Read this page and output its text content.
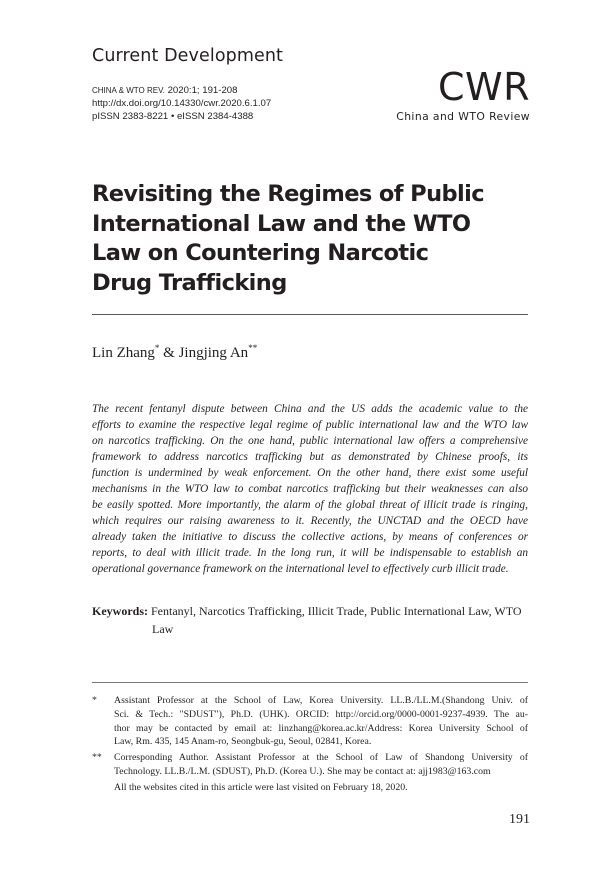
Current Development
CHINA & WTO REV. 2020:1; 191-208
http://dx.doi.org/10.14330/cwr.2020.6.1.07
pISSN 2383-8221 • eISSN 2384-4388
CWR
China and WTO Review
Revisiting the Regimes of Public
International Law and the WTO
Law on Countering Narcotic
Drug Trafficking
Lin Zhang* & Jingjing An**
The recent fentanyl dispute between China and the US adds the academic value to the
efforts to examine the respective legal regime of public international law and the WTO law
on narcotics trafficking. On the one hand, public international law offers a comprehensive
framework to address narcotics trafficking but as demonstrated by Chinese proofs, its
function is undermined by weak enforcement. On the other hand, there exist some useful
mechanisms in the WTO law to combat narcotics trafficking but their weaknesses can also
be easily spotted. More importantly, the alarm of the global threat of illicit trade is ringing,
which requires our raising awareness to it. Recently, the UNCTAD and the OECD have
already taken the initiative to discuss the collective actions, by means of conferences or
reports, to deal with illicit trade. In the long run, it will be indispensable to establish an
operational governance framework on the international level to effectively curb illicit trade.
Keywords: Fentanyl, Narcotics Trafficking, Illicit Trade, Public International Law, WTO
Law
* Assistant Professor at the School of Law, Korea University. LL.B./LL.M.(Shandong Univ. of
Sci. & Tech.: "SDUST"), Ph.D. (UHK). ORCID: http://orcid.org/0000-0001-9237-4939. The au-
thor may be contacted by email at: linzhang@korea.ac.kr/Address: Korea University School of
Law, Rm. 435, 145 Anam-ro, Seongbuk-gu, Seoul, 02841, Korea.
** Corresponding Author. Assistant Professor at the School of Law of Shandong University of
Technology. LL.B./L.M. (SDUST), Ph.D. (Korea U.). She may be contact at: ajj1983@163.com
All the websites cited in this article were last visited on February 18, 2020.
191
